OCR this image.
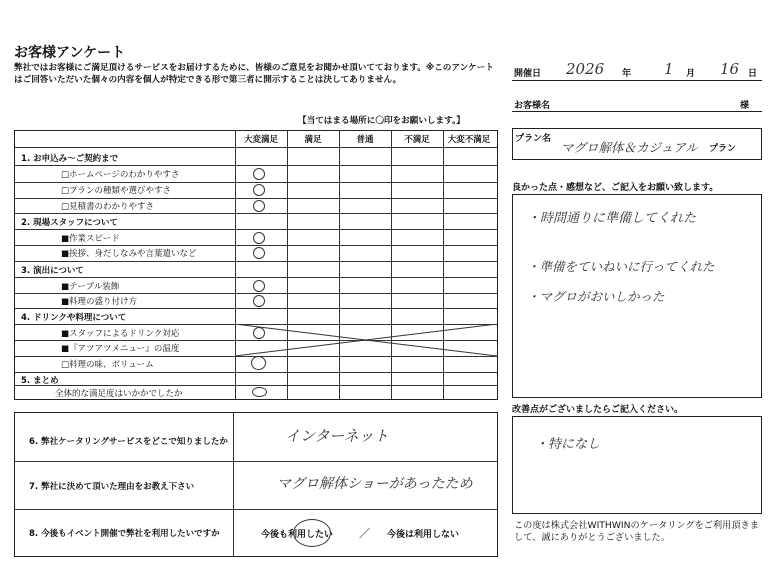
お客様アンケート
弊社ではお客様にご満足頂けるサービスをお届けするために、皆様のご意見をお聞かせ頂いてております。※このアンケートはご回答いただいた個々の内容を個人が特定できる形で第三者に開示することは決してありません。
【当てはまる場所に〇印をお願いします。】
大変満足	満足	普通	不満足	大変不満足
1. お申込み～ご契約まで
□ホームページのわかりやすさ
□プランの種類や選びやすさ
□見積書のわかりやすさ
2. 現場スタッフについて
■作業スピード
■挨拶、身だしなみや言葉遣いなど
3. 演出について
■テーブル装飾
■料理の盛り付け方
4. ドリンクや料理について
■スタッフによるドリンク対応
■『アツアツメニュー』の温度
□料理の味、ボリューム
5. まとめ
全体的な満足度はいかかでしたか
6. 弊社ケータリングサービスをどこで知りましたか	インターネット
7. 弊社に決めて頂いた理由をお教え下さい	マグロ解体ショーがあったため
8. 今後もイベント開催で弊社を利用したいですか	今後も利用したい ／ 今後は利用しない
開催日 2026 年 1 月 16 日
お客様名	様
プラン名
マグロ解体＆カジュアル プラン
良かった点・感想など、ご記入をお願い致します。
・時間通りに準備してくれた
・準備をていねいに行ってくれた
・マグロがおいしかった
改善点がございましたらご記入ください。
・特になし
この度は株式会社WITHWINのケータリングをご利用頂きまして、誠にありがとうございました。
